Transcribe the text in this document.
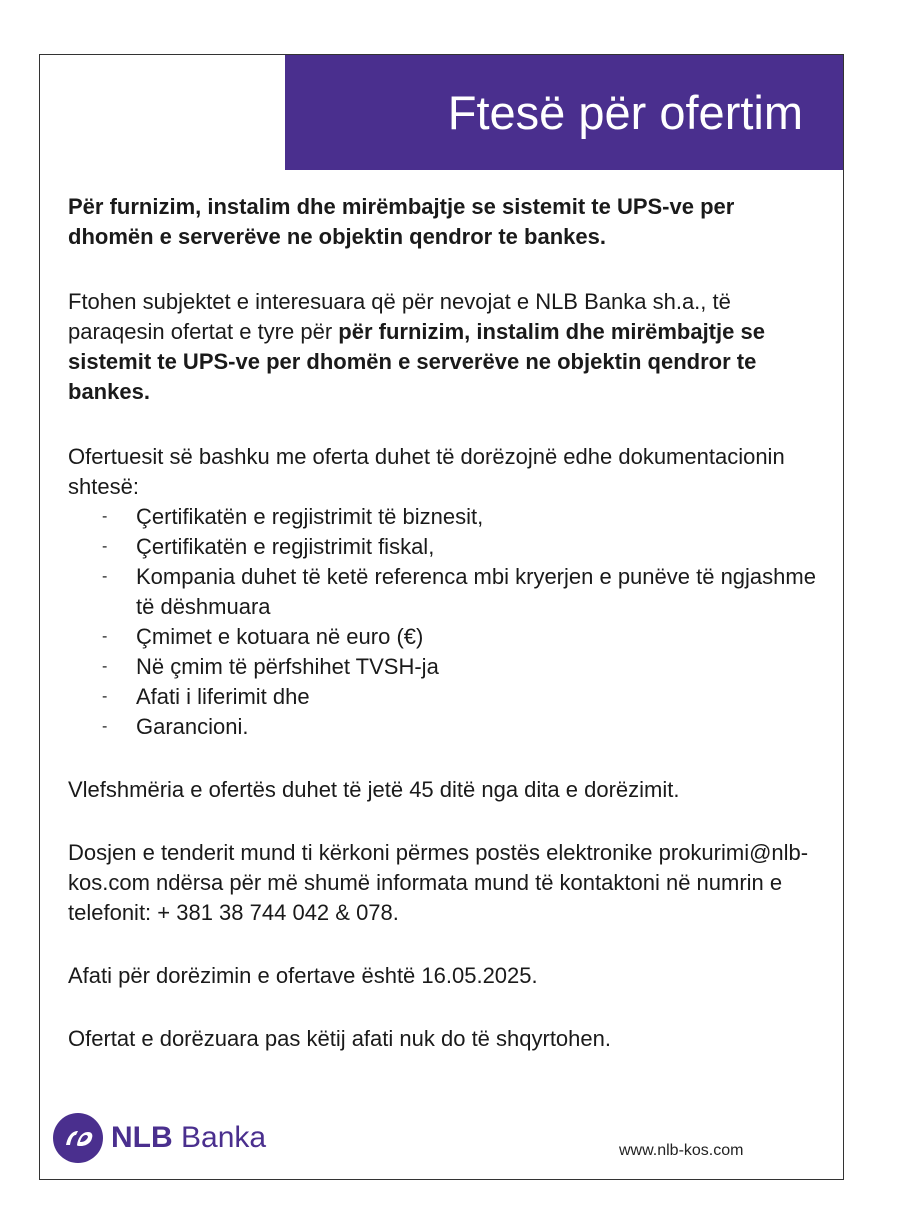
Ftesë për ofertim

Për furnizim, instalim dhe mirëmbajtje se sistemit te UPS-ve per dhomën e serverëve ne objektin qendror te bankes.

Ftohen subjektet e interesuara që për nevojat e NLB Banka sh.a., të paraqesin ofertat e tyre për për furnizim, instalim dhe mirëmbajtje se sistemit te UPS-ve per dhomën e serverëve ne objektin qendror te bankes.

Ofertuesit së bashku me oferta duhet të dorëzojnë edhe dokumentacionin shtesë:

- Çertifikatën e regjistrimit të biznesit,
- Çertifikatën e regjistrimit fiskal,
- Kompania duhet të ketë referenca mbi kryerjen e punëve të ngjashme të dëshmuara
- Çmimet e kotuara në euro (€)
- Në çmim të përfshihet TVSH-ja
- Afati i liferimit dhe
- Garancioni.

Vlefshmëria e ofertës duhet të jetë 45 ditë nga dita e dorëzimit.

Dosjen e tenderit mund ti kërkoni përmes postës elektronike prokurimi@nlb-kos.com ndërsa për më shumë informata mund të kontaktoni në numrin e telefonit: + 381 38 744 042 & 078.

Afati për dorëzimin e ofertave është 16.05.2025.

Ofertat e dorëzuara pas këtij afati nuk do të shqyrtohen.

NLB Banka	www.nlb-kos.com
